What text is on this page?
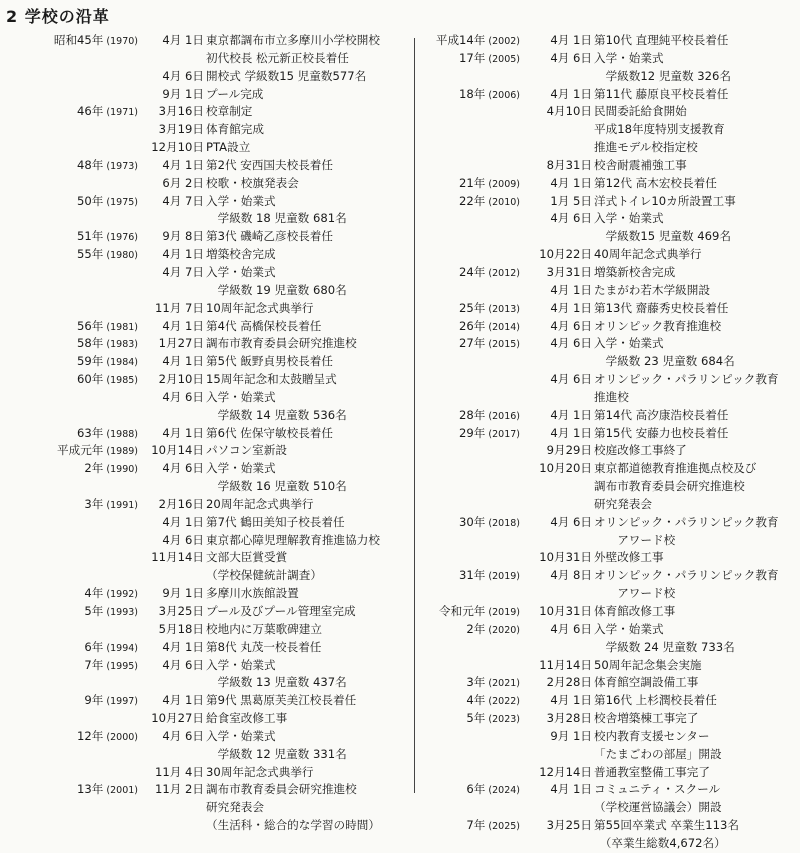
2 学校の沿革
昭和45年 (1970)	4月 1日 東京都調布市立多摩川小学校開校
初代校長 松元新正校長着任
4月 6日 開校式 学級数15 児童数577名
9月 1日 プール完成
46年 (1971)	3月16日 校章制定
3月19日 体育館完成
12月10日 PTA設立
48年 (1973)	4月 1日 第2代 安西国夫校長着任
6月 2日 校歌・校旗発表会
50年 (1975)	4月 7日 入学・始業式
　学級数 18 児童数 681名
51年 (1976)	9月 8日 第3代 磯崎乙彦校長着任
55年 (1980)	4月 1日 増築校舎完成
4月 7日 入学・始業式
　学級数 19 児童数 680名
11月 7日 10周年記念式典挙行
56年 (1981)	4月 1日 第4代 高橋保校長着任
58年 (1983)	1月27日 調布市教育委員会研究推進校
59年 (1984)	4月 1日 第5代 飯野貞男校長着任
60年 (1985)	2月10日 15周年記念和太鼓贈呈式
4月 6日 入学・始業式
　学級数 14 児童数 536名
63年 (1988)	4月 1日 第6代 佐保守敏校長着任
平成元年 (1989)	10月14日 パソコン室新設
2年 (1990)	4月 6日 入学・始業式
　学級数 16 児童数 510名
3年 (1991)	2月16日 20周年記念式典挙行
4月 1日 第7代 鶴田美知子校長着任
4月 6日 東京都心障児理解教育推進協力校
11月14日 文部大臣賞受賞
（学校保健統計調査）
4年 (1992)	9月 1日 多摩川水族館設置
5年 (1993)	3月25日 プール及びプール管理室完成
5月18日 校地内に万葉歌碑建立
6年 (1994)	4月 1日 第8代 丸茂一校長着任
7年 (1995)	4月 6日 入学・始業式
　学級数 13 児童数 437名
9年 (1997)	4月 1日 第9代 黒葛原芙美江校長着任
10月27日 給食室改修工事
12年 (2000)	4月 6日 入学・始業式
　学級数 12 児童数 331名
11月 4日 30周年記念式典挙行
13年 (2001)	11月 2日 調布市教育委員会研究推進校
研究発表会
（生活科・総合的な学習の時間）
平成14年 (2002)	4月 1日 第10代 直理純平校長着任
17年 (2005)	4月 6日 入学・始業式
　学級数12 児童数 326名
18年 (2006)	4月 1日 第11代 藤原良平校長着任
4月10日 民間委託給食開始
平成18年度特別支援教育
推進モデル校指定校
8月31日 校舎耐震補強工事
21年 (2009)	4月 1日 第12代 高木宏校長着任
22年 (2010)	1月 5日 洋式トイレ10カ所設置工事
4月 6日 入学・始業式
　学級数15 児童数 469名
10月22日 40周年記念式典挙行
24年 (2012)	3月31日 増築新校舎完成
4月 1日 たまがわ若木学級開設
25年 (2013)	4月 1日 第13代 齋藤秀史校長着任
26年 (2014)	4月 6日 オリンピック教育推進校
27年 (2015)	4月 6日 入学・始業式
　学級数 23 児童数 684名
4月 6日 オリンピック・パラリンピック教育
推進校
28年 (2016)	4月 1日 第14代 高汐康浩校長着任
29年 (2017)	4月 1日 第15代 安藤力也校長着任
9月29日 校庭改修工事終了
10月20日 東京都道徳教育推進拠点校及び
調布市教育委員会研究推進校
研究発表会
30年 (2018)	4月 6日 オリンピック・パラリンピック教育
　　アワード校
10月31日 外壁改修工事
31年 (2019)	4月 8日 オリンピック・パラリンピック教育
　　アワード校
令和元年 (2019)	10月31日 体育館改修工事
2年 (2020)	4月 6日 入学・始業式
　学級数 24 児童数 733名
11月14日 50周年記念集会実施
3年 (2021)	2月28日 体育館空調設備工事
4年 (2022)	4月 1日 第16代 上杉潤校長着任
5年 (2023)	3月28日 校舎増築棟工事完了
9月 1日 校内教育支援センター
「たまごわの部屋」開設
12月14日 普通教室整備工事完了
6年 (2024)	4月 1日 コミュニティ・スクール
（学校運営協議会）開設
7年 (2025)	3月25日 第55回卒業式 卒業生113名
　（卒業生総数4,672名）
